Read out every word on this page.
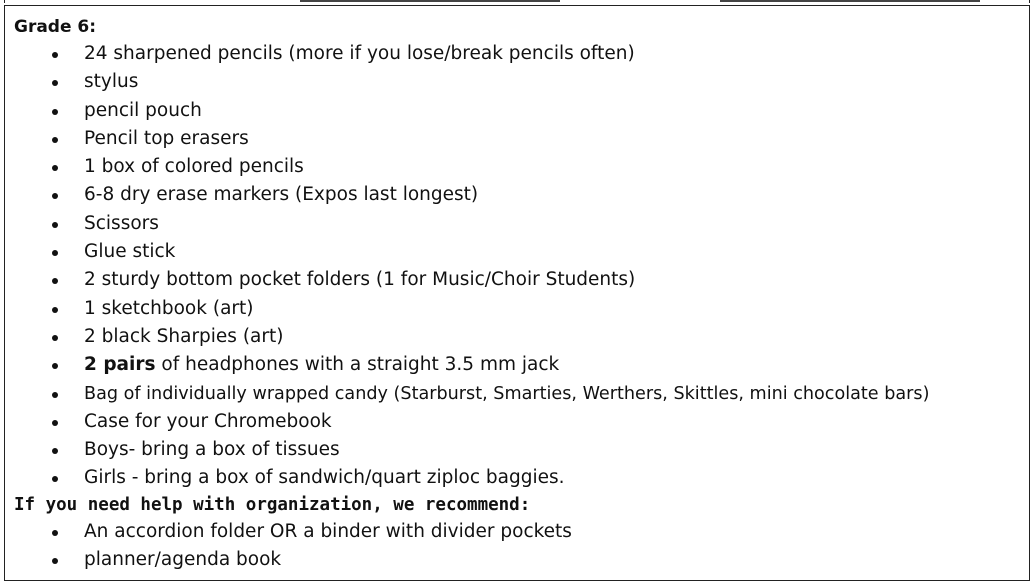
Grade 6:
24 sharpened pencils (more if you lose/break pencils often)
stylus
pencil pouch
Pencil top erasers
1 box of colored pencils
6-8 dry erase markers (Expos last longest)
Scissors
Glue stick
2 sturdy bottom pocket folders (1 for Music/Choir Students)
1 sketchbook (art)
2 black Sharpies (art)
2 pairs of headphones with a straight 3.5 mm jack
Bag of individually wrapped candy (Starburst, Smarties, Werthers, Skittles, mini chocolate bars)
Case for your Chromebook
Boys- bring a box of tissues
Girls - bring a box of sandwich/quart ziploc baggies.
If you need help with organization, we recommend:
An accordion folder OR a binder with divider pockets
planner/agenda book
